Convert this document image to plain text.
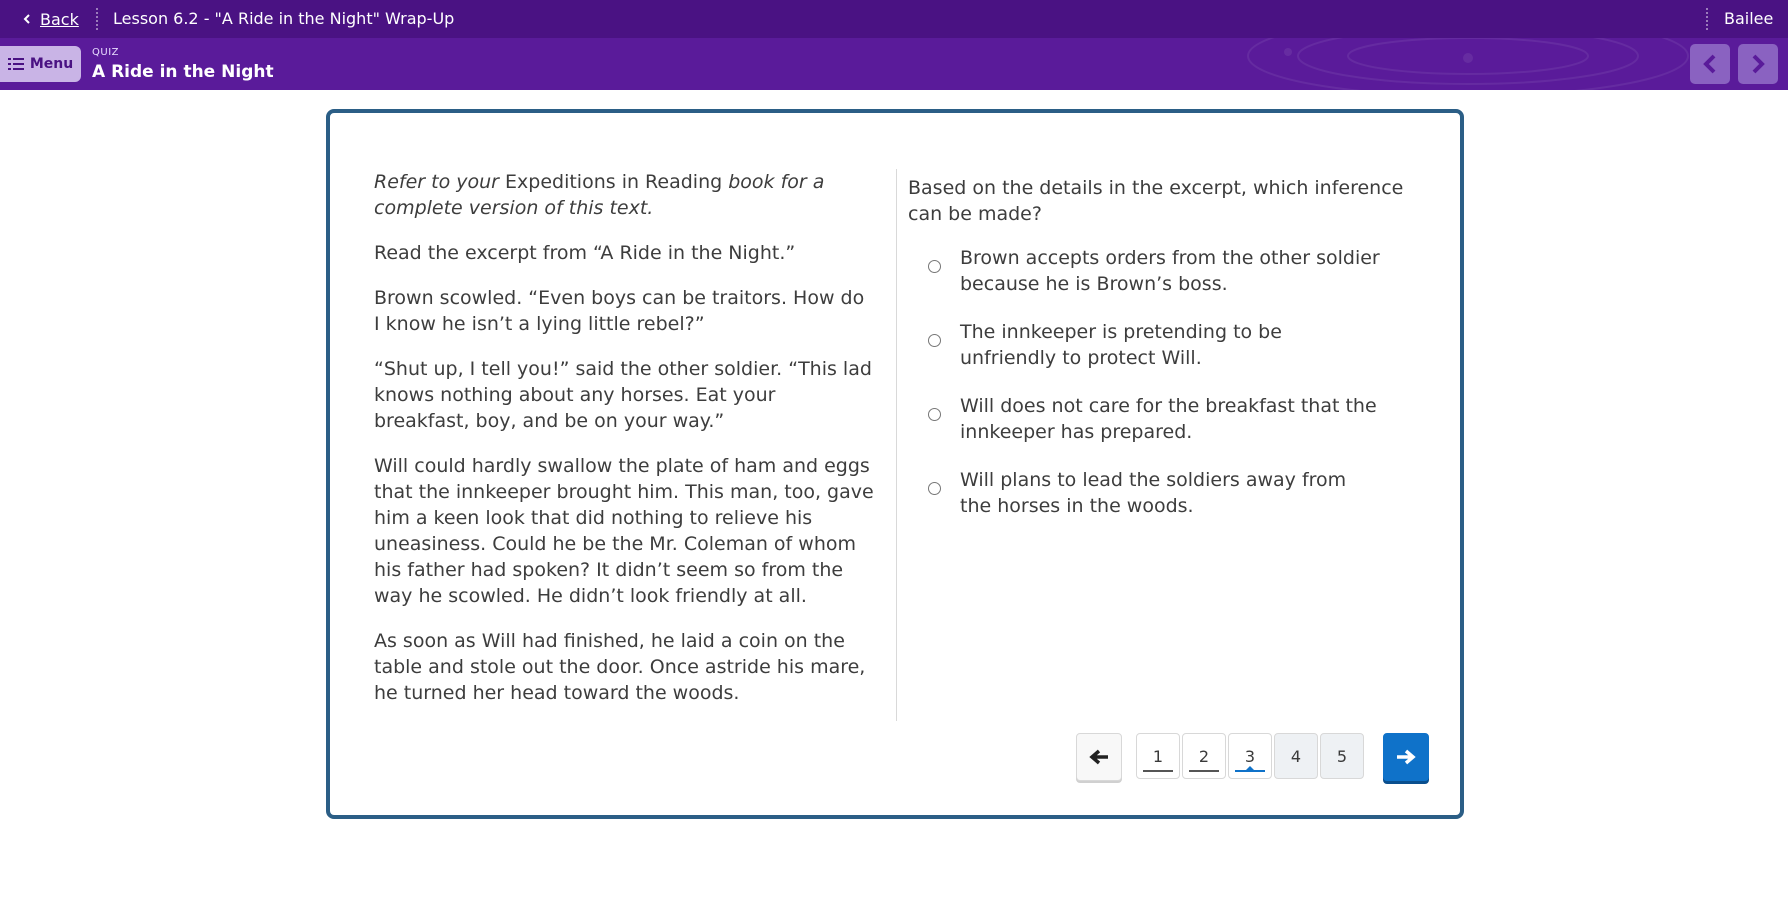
Back Lesson 6.2 - "A Ride in the Night" Wrap-Up	Bailee
Menu
QUIZ
A Ride in the Night

Refer to your Expeditions in Reading book for a complete version of this text.

Read the excerpt from “A Ride in the Night.”

Brown scowled. “Even boys can be traitors. How do I know he isn’t a lying little rebel?”

“Shut up, I tell you!” said the other soldier. “This lad knows nothing about any horses. Eat your breakfast, boy, and be on your way.”

Will could hardly swallow the plate of ham and eggs that the innkeeper brought him. This man, too, gave him a keen look that did nothing to relieve his uneasiness. Could he be the Mr. Coleman of whom his father had spoken? It didn’t seem so from the way he scowled. He didn’t look friendly at all.

As soon as Will had finished, he laid a coin on the table and stole out the door. Once astride his mare, he turned her head toward the woods.

Based on the details in the excerpt, which inference can be made?
Brown accepts orders from the other soldier because he is Brown’s boss.
The innkeeper is pretending to be unfriendly to protect Will.
Will does not care for the breakfast that the innkeeper has prepared.
Will plans to lead the soldiers away from the horses in the woods.
1 2 3 4 5
